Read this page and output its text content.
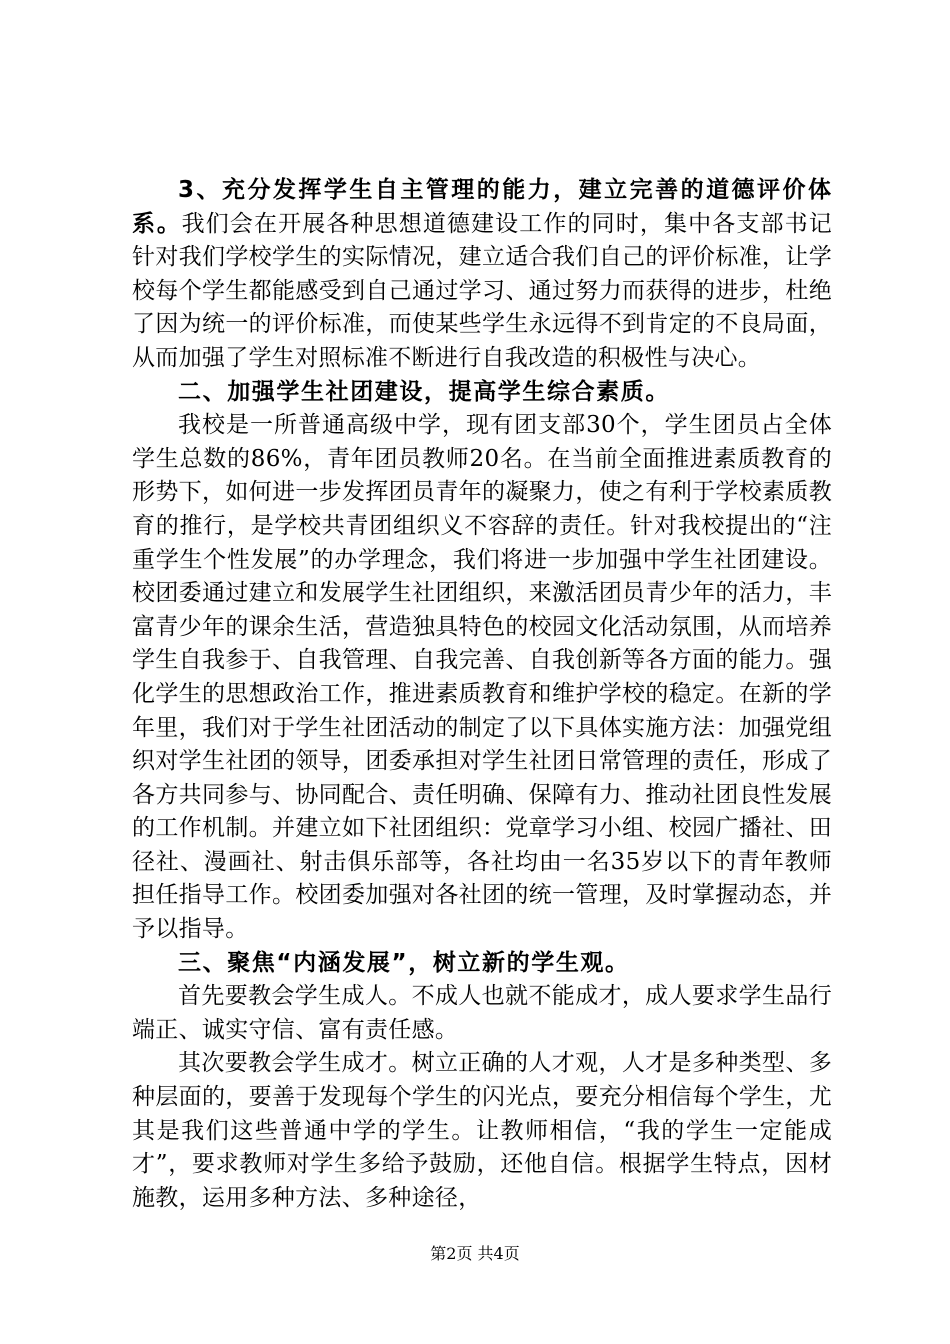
3、充分发挥学生自主管理的能力，建立完善的道德评价体系。我们会在开展各种思想道德建设工作的同时，集中各支部书记针对我们学校学生的实际情况，建立适合我们自己的评价标准，让学校每个学生都能感受到自己通过学习、通过努力而获得的进步，杜绝了因为统一的评价标准，而使某些学生永远得不到肯定的不良局面，从而加强了学生对照标准不断进行自我改造的积极性与决心。

二、加强学生社团建设，提高学生综合素质。

我校是一所普通高级中学，现有团支部30个，学生团员占全体学生总数的86%，青年团员教师20名。在当前全面推进素质教育的形势下，如何进一步发挥团员青年的凝聚力，使之有利于学校素质教育的推行，是学校共青团组织义不容辞的责任。针对我校提出的“注重学生个性发展”的办学理念，我们将进一步加强中学生社团建设。校团委通过建立和发展学生社团组织，来激活团员青少年的活力，丰富青少年的课余生活，营造独具特色的校园文化活动氛围，从而培养学生自我参于、自我管理、自我完善、自我创新等各方面的能力。强化学生的思想政治工作，推进素质教育和维护学校的稳定。在新的学年里，我们对于学生社团活动的制定了以下具体实施方法：加强党组织对学生社团的领导，团委承担对学生社团日常管理的责任，形成了各方共同参与、协同配合、责任明确、保障有力、推动社团良性发展的工作机制。并建立如下社团组织：党章学习小组、校园广播社、田径社、漫画社、射击俱乐部等，各社均由一名35岁以下的青年教师担任指导工作。校团委加强对各社团的统一管理，及时掌握动态，并予以指导。

三、聚焦“内涵发展”，树立新的学生观。

首先要教会学生成人。不成人也就不能成才，成人要求学生品行端正、诚实守信、富有责任感。

其次要教会学生成才。树立正确的人才观，人才是多种类型、多种层面的，要善于发现每个学生的闪光点，要充分相信每个学生，尤其是我们这些普通中学的学生。让教师相信，“我的学生一定能成才”，要求教师对学生多给予鼓励，还他自信。根据学生特点，因材施教，运用多种方法、多种途径，

第2页 共4页
